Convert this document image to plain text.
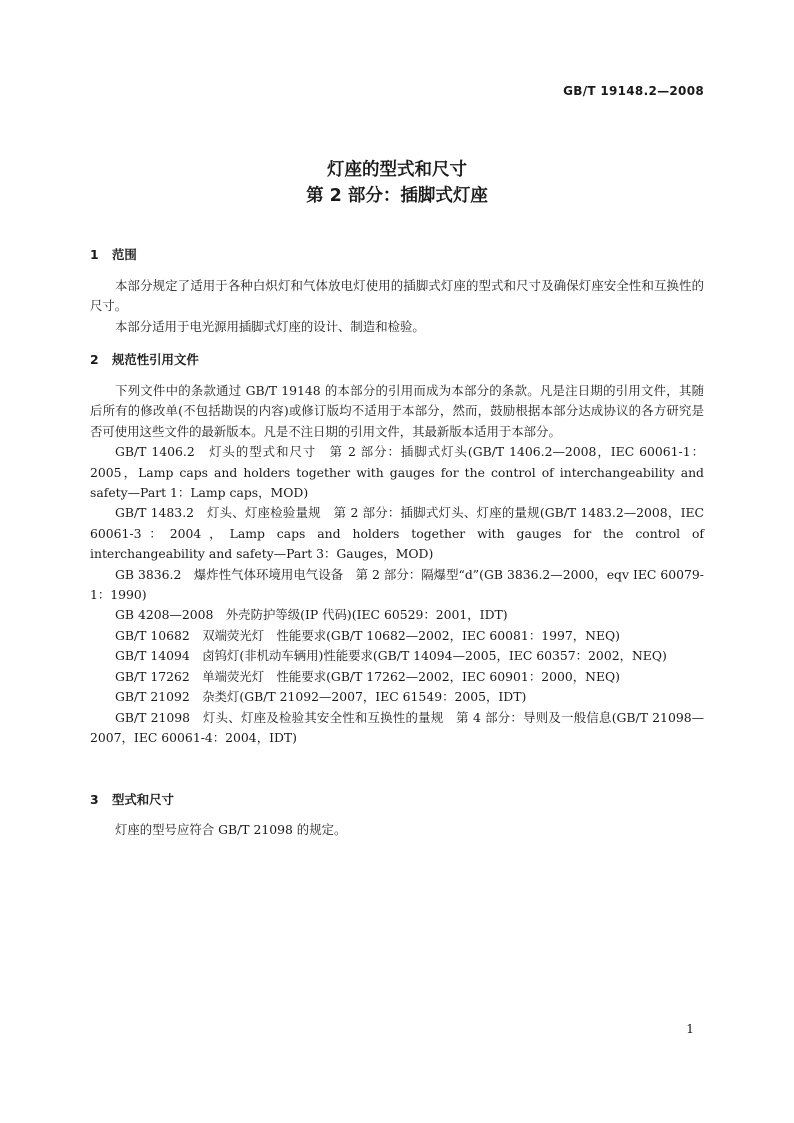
GB/T 19148.2—2008
灯座的型式和尺寸
第 2 部分：插脚式灯座
1 范围

本部分规定了适用于各种白炽灯和气体放电灯使用的插脚式灯座的型式和尺寸及确保灯座安全性和互换性的尺寸。

本部分适用于电光源用插脚式灯座的设计、制造和检验。

2 规范性引用文件

下列文件中的条款通过 GB/T 19148 的本部分的引用而成为本部分的条款。凡是注日期的引用文件，其随后所有的修改单(不包括勘误的内容)或修订版均不适用于本部分，然而，鼓励根据本部分达成协议的各方研究是否可使用这些文件的最新版本。凡是不注日期的引用文件，其最新版本适用于本部分。

GB/T 1406.2　灯头的型式和尺寸　第 2 部分：插脚式灯头(GB/T 1406.2—2008，IEC 60061-1：2005，Lamp caps and holders together with gauges for the control of interchangeability and safety—Part 1：Lamp caps，MOD)

GB/T 1483.2　灯头、灯座检验量规　第 2 部分：插脚式灯头、灯座的量规(GB/T 1483.2—2008，IEC 60061-3：2004，Lamp caps and holders together with gauges for the control of interchangeability and safety—Part 3：Gauges，MOD)

GB 3836.2　爆炸性气体环境用电气设备　第 2 部分：隔爆型“d”(GB 3836.2—2000，eqv IEC 60079-1：1990)

GB 4208—2008　外壳防护等级(IP 代码)(IEC 60529：2001，IDT)

GB/T 10682　双端荧光灯　性能要求(GB/T 10682—2002，IEC 60081：1997，NEQ)

GB/T 14094　卤钨灯(非机动车辆用)性能要求(GB/T 14094—2005，IEC 60357：2002，NEQ)

GB/T 17262　单端荧光灯　性能要求(GB/T 17262—2002，IEC 60901：2000，NEQ)

GB/T 21092　杂类灯(GB/T 21092—2007，IEC 61549：2005，IDT)

GB/T 21098　灯头、灯座及检验其安全性和互换性的量规　第 4 部分：导则及一般信息(GB/T 21098—2007，IEC 60061-4：2004，IDT)

3 型式和尺寸

灯座的型号应符合 GB/T 21098 的规定。

1
